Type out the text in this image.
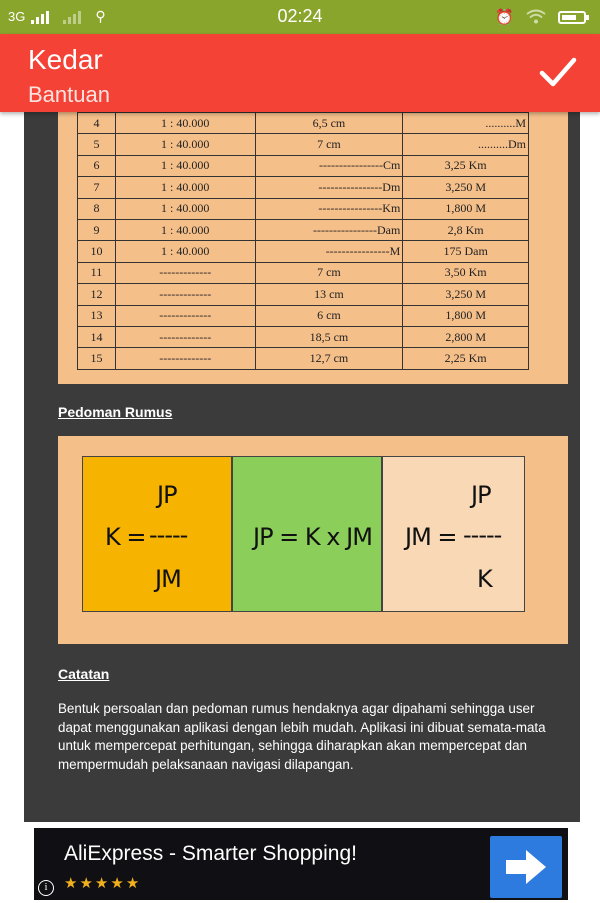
3G	⚲	02:24	⏰
Kedar
Bantuan
4	1 : 40.000	6,5 cm	..........M
5	1 : 40.000	7 cm	..........Dm
6	1 : 40.000	----------------Cm	3,25 Km
7	1 : 40.000	----------------Dm	3,250 M
8	1 : 40.000	----------------Km	1,800 M
9	1 : 40.000	----------------Dam	2,8 Km
10	1 : 40.000	----------------M	175 Dam
11	-------------	7 cm	3,50 Km
12	-------------	13 cm	3,250 M
13	-------------	6 cm	1,800 M
14	-------------	18,5 cm	2,800 M
15	-------------	12,7 cm	2,25 Km
Pedoman Rumus
JP
K = -----
JM
JP = K x JM
JP
JM = -----
K
Catatan
Bentuk persoalan dan pedoman rumus hendaknya agar dipahami sehingga user dapat menggunakan aplikasi dengan lebih mudah. Aplikasi ini dibuat semata-mata untuk mempercepat perhitungan, sehingga diharapkan akan mempercepat dan mempermudah pelaksanaan navigasi dilapangan.
AliExpress - Smarter Shopping!
★★★★★
i
